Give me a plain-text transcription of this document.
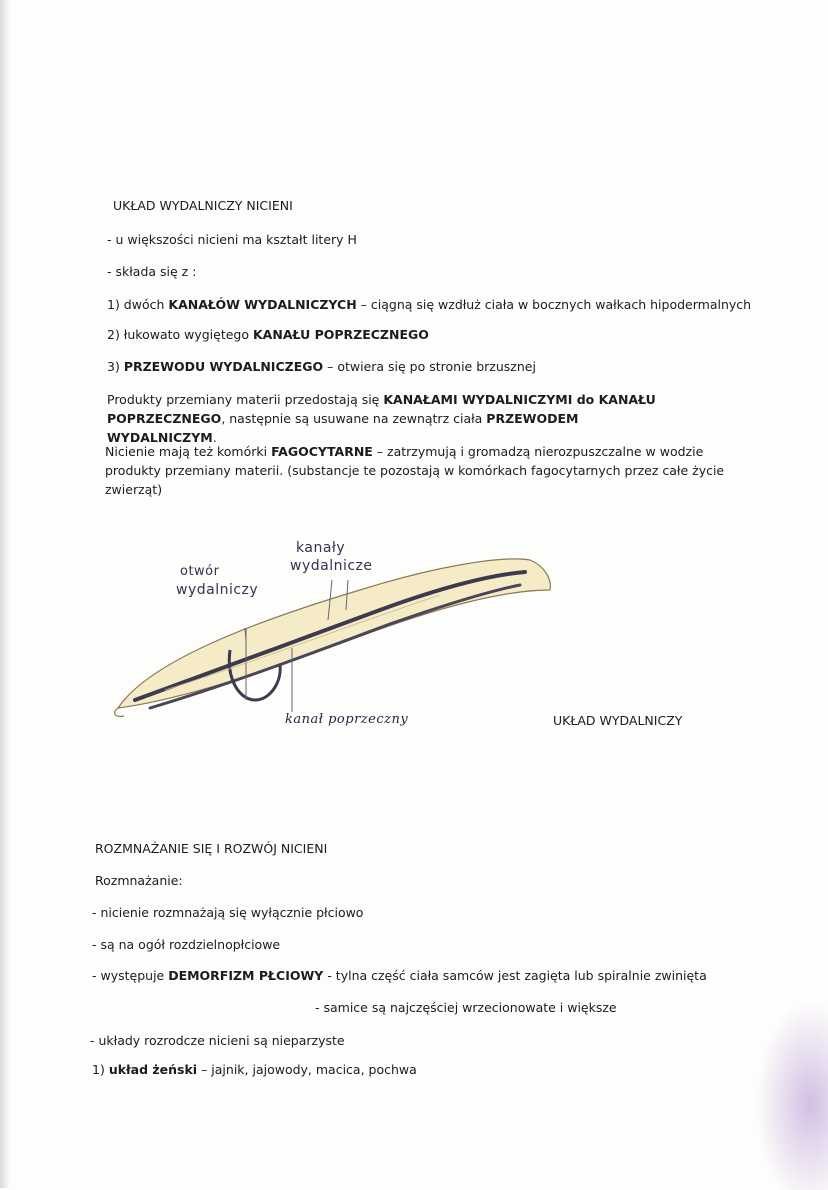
UKŁAD WYDALNICZY NICIENI
- u większości nicieni ma kształt litery H
- składa się z :
1) dwóch KANAŁÓW WYDALNICZYCH – ciągną się wzdłuż ciała w bocznych wałkach hipodermalnych
2) łukowato wygiętego KANAŁU POPRZECZNEGO
3) PRZEWODU WYDALNICZEGO – otwiera się po stronie brzusznej
Produkty przemiany materii przedostają się KANAŁAMI WYDALNICZYMI do KANAŁU POPRZECZNEGO, następnie są usuwane na zewnątrz ciała PRZEWODEM WYDALNICZYM.
Nicienie mają też komórki FAGOCYTARNE – zatrzymują i gromadzą nierozpuszczalne w wodzie produkty przemiany materii. (substancje te pozostają w komórkach fagocytarnych przez całe życie zwierząt)
otwór
wydalniczy
kanały
wydalnicze
kanał poprzeczny	UKŁAD WYDALNICZY
ROZMNAŻANIE SIĘ I ROZWÓJ NICIENI
Rozmnażanie:
- nicienie rozmnażają się wyłącznie płciowo
- są na ogół rozdzielnopłciowe
- występuje DEMORFIZM PŁCIOWY - tylna część ciała samców jest zagięta lub spiralnie zwinięta
- samice są najczęściej wrzecionowate i większe
- układy rozrodcze nicieni są nieparzyste
1) układ żeński – jajnik, jajowody, macica, pochwa
